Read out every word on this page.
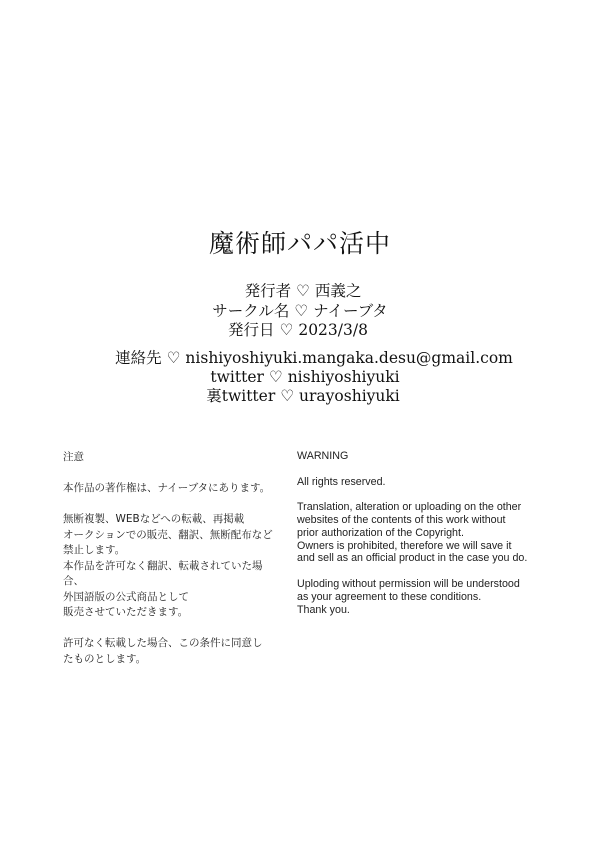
魔術師パパ活中
発行者 ♡ 西義之
サークル名 ♡ ナイーブタ
発行日 ♡ 2023/3/8
連絡先 ♡ nishiyoshiyuki.mangaka.desu@gmail.com
twitter ♡ nishiyoshiyuki
裏twitter ♡ urayoshiyuki
注意
本作品の著作権は、ナイーブタにあります。
無断複製、WEBなどへの転載、再掲載
オークションでの販売、翻訳、無断配布など
禁止します。
本作品を許可なく翻訳、転載されていた場合、
外国語版の公式商品として
販売させていただきます。
許可なく転載した場合、この条件に同意し
たものとします。
WARNING
All rights reserved.
Translation, alteration or uploading on the other
websites of the contents of this work without
prior authorization of the Copyright.
Owners is prohibited, therefore we will save it
and sell as an official product in the case you do.
Uploding without permission will be understood
as your agreement to these conditions.
Thank you.
